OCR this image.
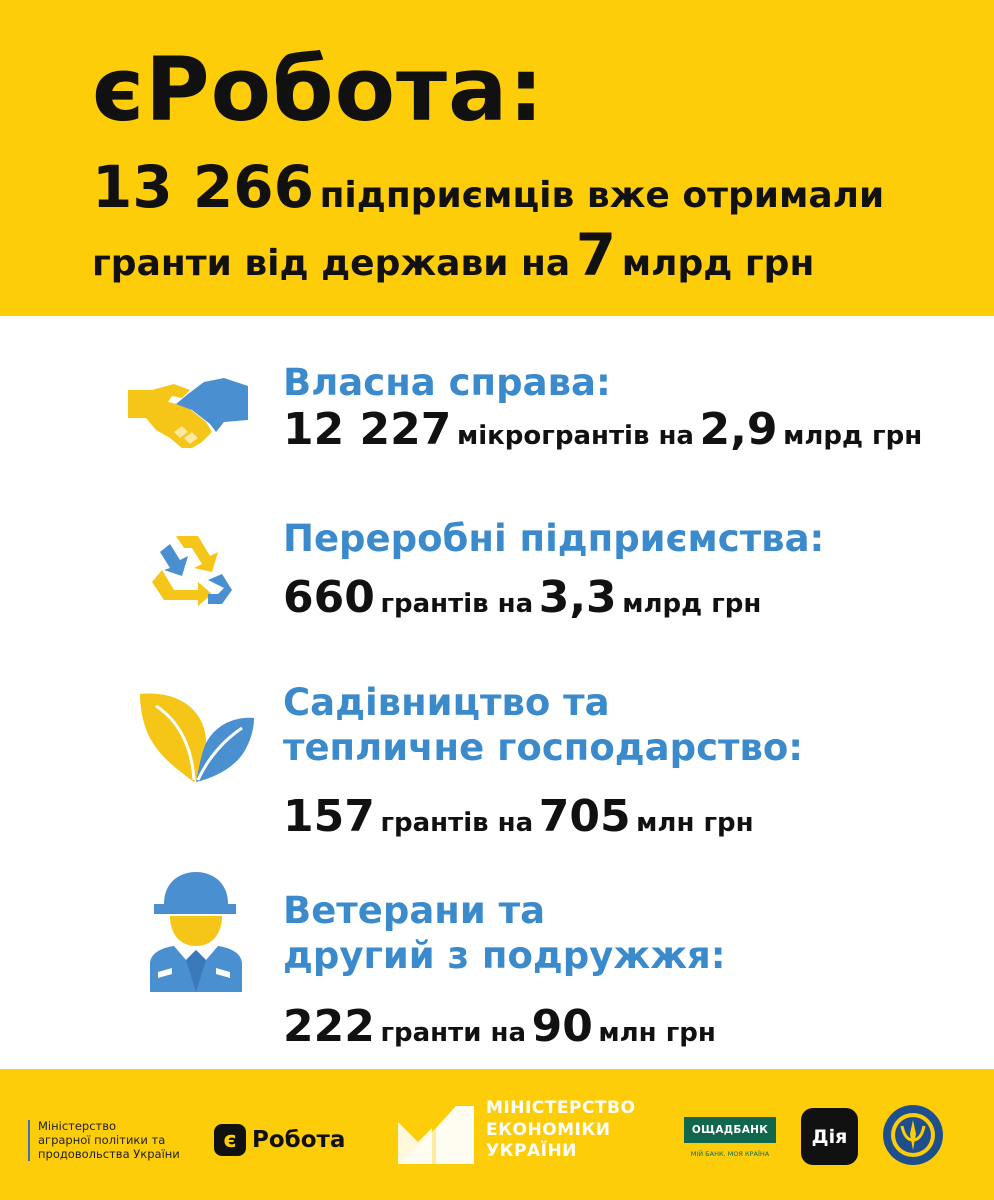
єРобота:
13 266 підприємців вже отримали
гранти від держави на 7 млрд грн
Власна справа:
12 227 мікрогрантів на 2,9 млрд грн
Переробні підприємства:
660 грантів на 3,3 млрд грн
Садівництво та
тепличне господарство:
157 грантів на 705 млн грн
Ветерани та
другий з подружжя:
222 гранти на 90 млн грн
Міністерство
аграрної політики та
продовольства України
є Робота
МІНІСТЕРСТВО
ЕКОНОМІКИ
УКРАЇНИ
ОЩАДБАНК
МІЙ БАНК. МОЯ КРАЇНА
Дія
